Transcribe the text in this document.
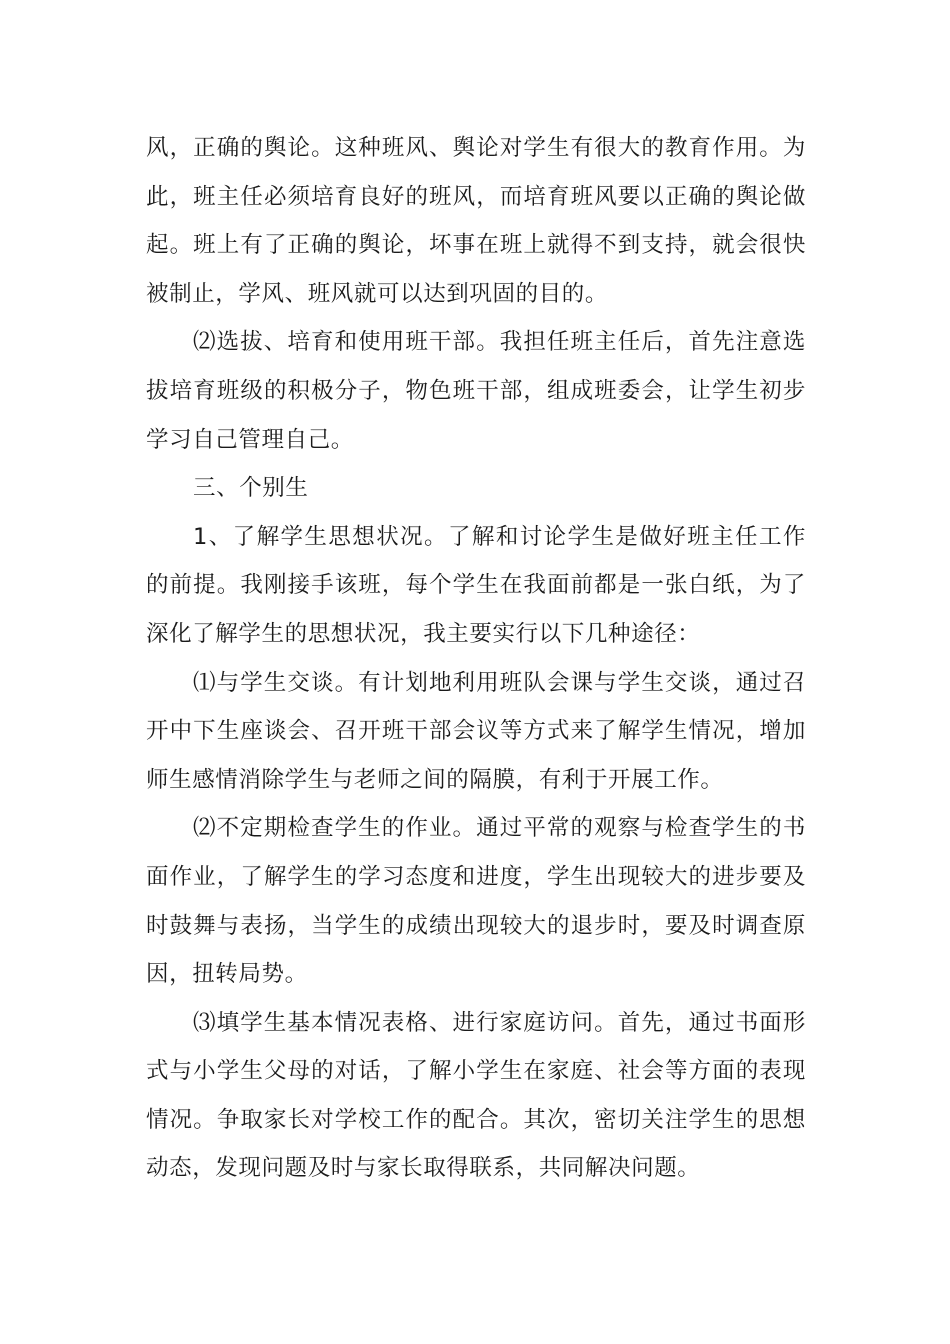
风，正确的舆论。这种班风、舆论对学生有很大的教育作用。为此，班主任必须培育良好的班风，而培育班风要以正确的舆论做起。班上有了正确的舆论，坏事在班上就得不到支持，就会很快被制止，学风、班风就可以达到巩固的目的。

⑵选拔、培育和使用班干部。我担任班主任后，首先注意选拔培育班级的积极分子，物色班干部，组成班委会，让学生初步学习自己管理自己。

三、个别生

1、了解学生思想状况。了解和讨论学生是做好班主任工作的前提。我刚接手该班，每个学生在我面前都是一张白纸，为了深化了解学生的思想状况，我主要实行以下几种途径：

⑴与学生交谈。有计划地利用班队会课与学生交谈，通过召开中下生座谈会、召开班干部会议等方式来了解学生情况，增加师生感情消除学生与老师之间的隔膜，有利于开展工作。

⑵不定期检查学生的作业。通过平常的观察与检查学生的书面作业，了解学生的学习态度和进度，学生出现较大的进步要及时鼓舞与表扬，当学生的成绩出现较大的退步时，要及时调查原因，扭转局势。

⑶填学生基本情况表格、进行家庭访问。首先，通过书面形式与小学生父母的对话，了解小学生在家庭、社会等方面的表现情况。争取家长对学校工作的配合。其次，密切关注学生的思想动态，发现问题及时与家长取得联系，共同解决问题。
